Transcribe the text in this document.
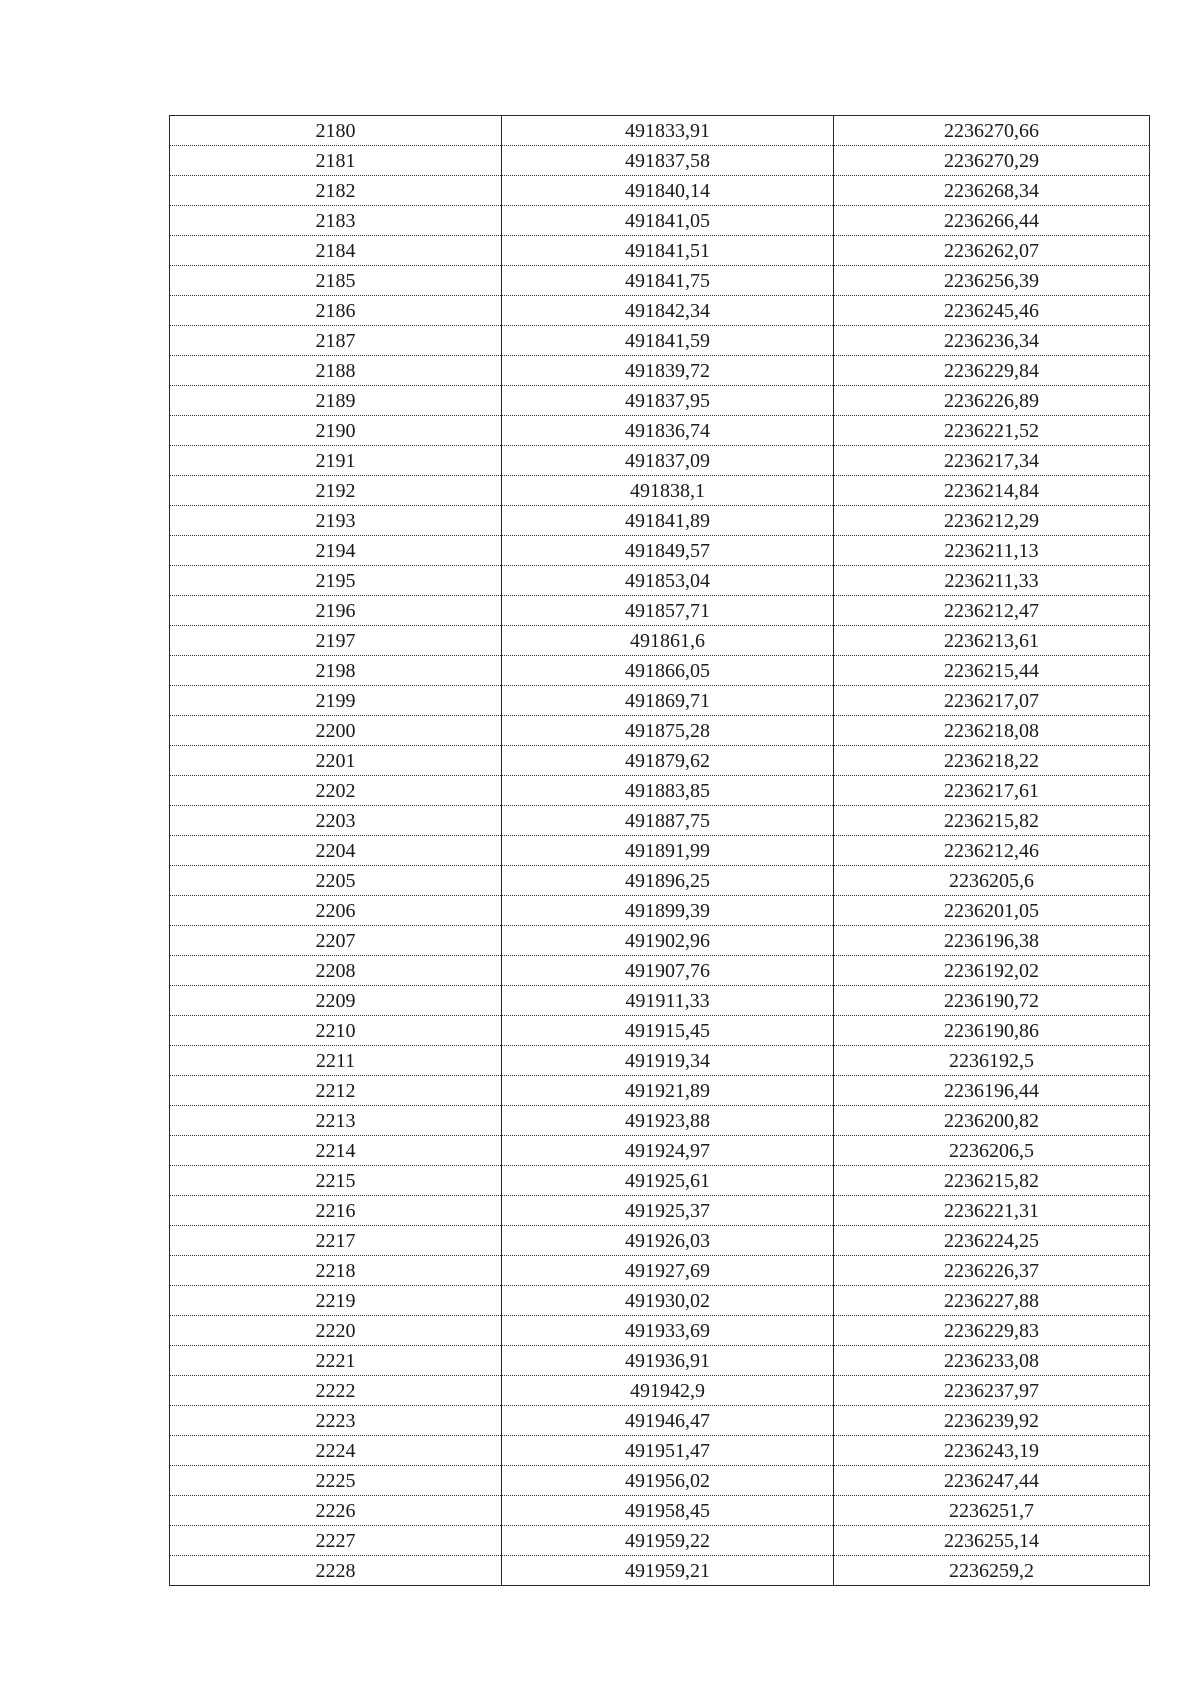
2180	491833,91	2236270,66
2181	491837,58	2236270,29
2182	491840,14	2236268,34
2183	491841,05	2236266,44
2184	491841,51	2236262,07
2185	491841,75	2236256,39
2186	491842,34	2236245,46
2187	491841,59	2236236,34
2188	491839,72	2236229,84
2189	491837,95	2236226,89
2190	491836,74	2236221,52
2191	491837,09	2236217,34
2192	491838,1	2236214,84
2193	491841,89	2236212,29
2194	491849,57	2236211,13
2195	491853,04	2236211,33
2196	491857,71	2236212,47
2197	491861,6	2236213,61
2198	491866,05	2236215,44
2199	491869,71	2236217,07
2200	491875,28	2236218,08
2201	491879,62	2236218,22
2202	491883,85	2236217,61
2203	491887,75	2236215,82
2204	491891,99	2236212,46
2205	491896,25	2236205,6
2206	491899,39	2236201,05
2207	491902,96	2236196,38
2208	491907,76	2236192,02
2209	491911,33	2236190,72
2210	491915,45	2236190,86
2211	491919,34	2236192,5
2212	491921,89	2236196,44
2213	491923,88	2236200,82
2214	491924,97	2236206,5
2215	491925,61	2236215,82
2216	491925,37	2236221,31
2217	491926,03	2236224,25
2218	491927,69	2236226,37
2219	491930,02	2236227,88
2220	491933,69	2236229,83
2221	491936,91	2236233,08
2222	491942,9	2236237,97
2223	491946,47	2236239,92
2224	491951,47	2236243,19
2225	491956,02	2236247,44
2226	491958,45	2236251,7
2227	491959,22	2236255,14
2228	491959,21	2236259,2
